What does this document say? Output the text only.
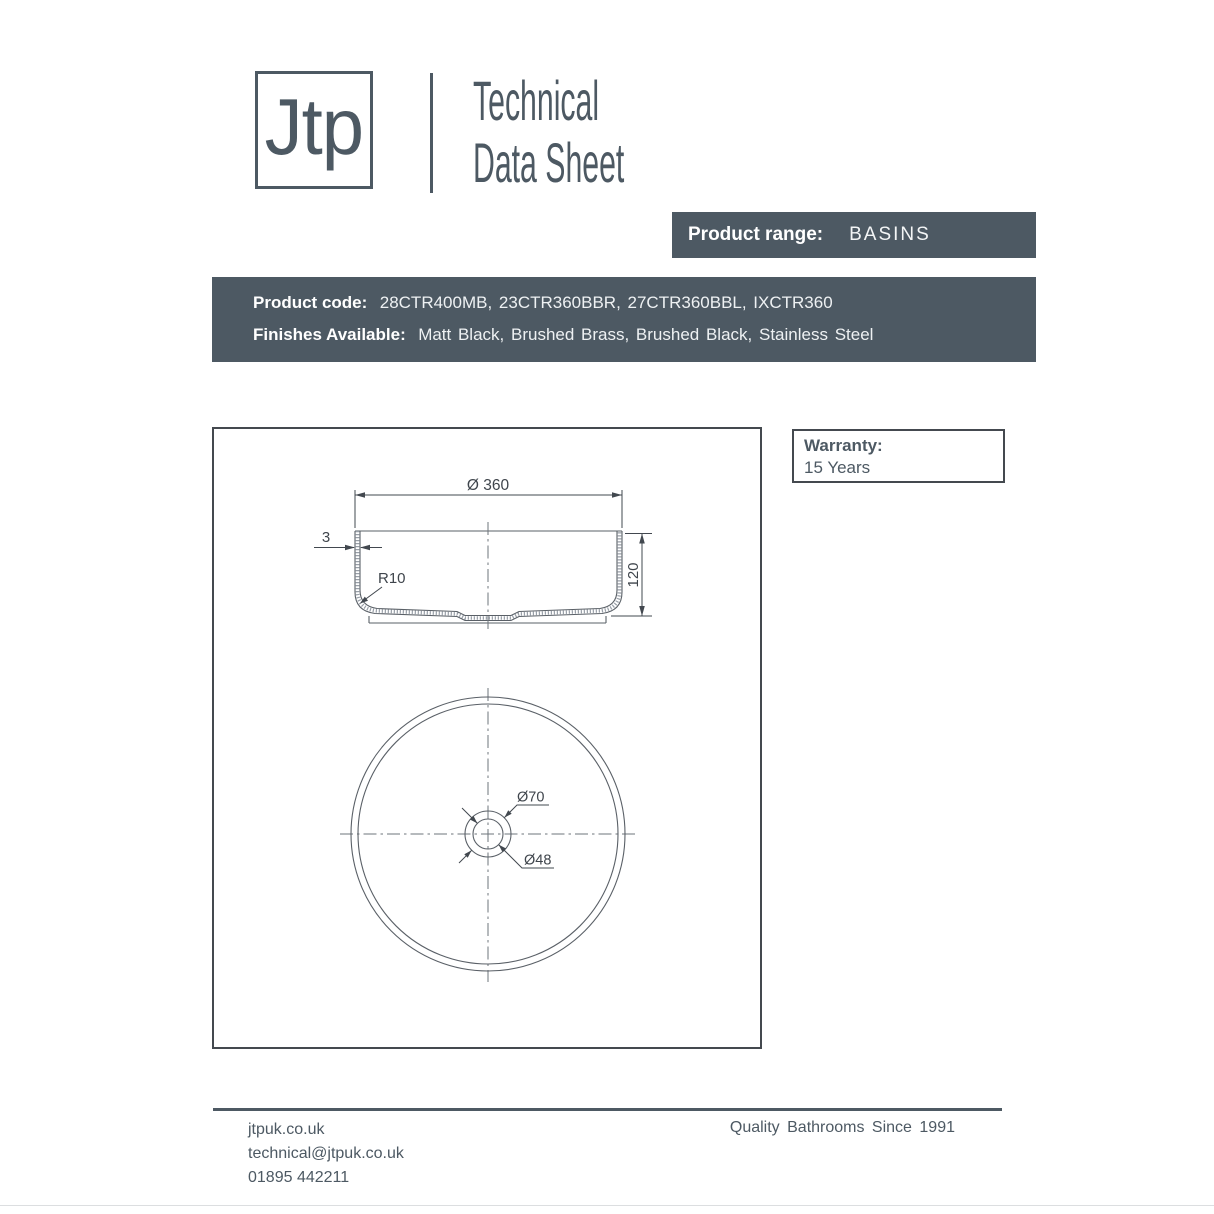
Jtp Technical
Data Sheet
Product range: BASINS
Product code: 28CTR400MB, 23CTR360BBR, 27CTR360BBL, IXCTR360
Finishes Available: Matt Black, Brushed Brass, Brushed Black, Stainless Steel
Warranty:
15 Years
Ø 360
3
R10	120
Ø70
Ø48
jtpuk.co.uk
technical@jtpuk.co.uk
01895 442211
Quality Bathrooms Since 1991
